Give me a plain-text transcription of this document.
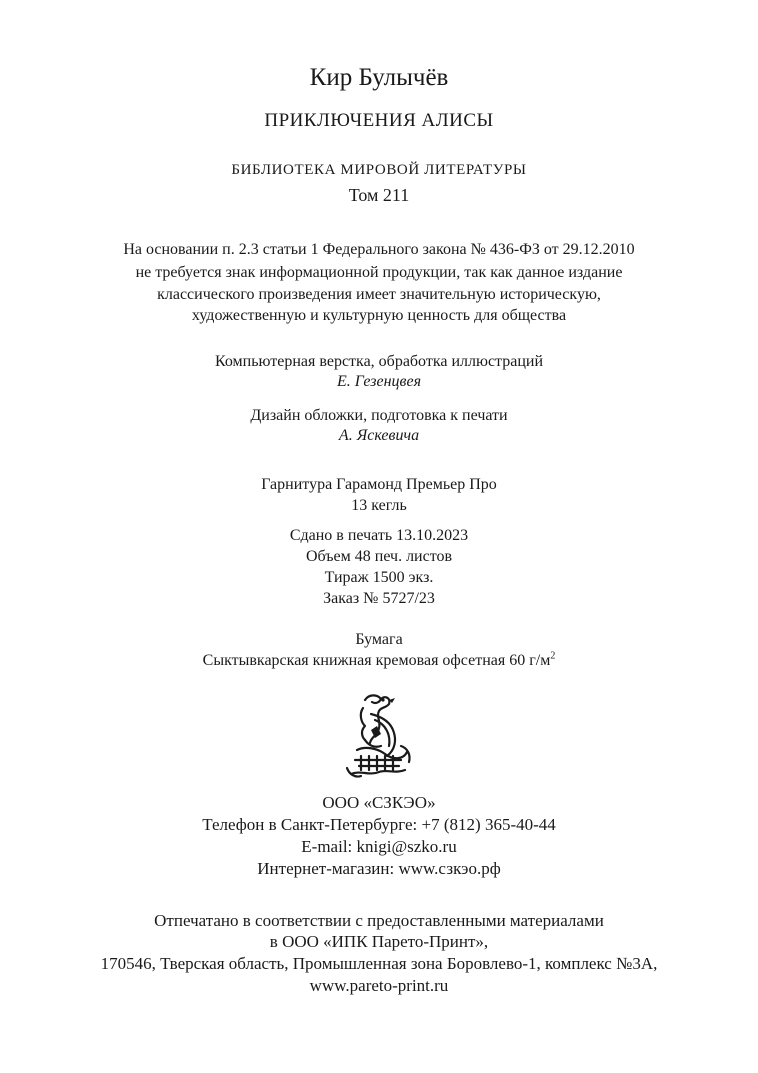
Кир Булычёв
ПРИКЛЮЧЕНИЯ АЛИСЫ
БИБЛИОТЕКА МИРОВОЙ ЛИТЕРАТУРЫ
Том 211
На основании п. 2.3 статьи 1 Федерального закона № 436-ФЗ от 29.12.2010
не требуется знак информационной продукции, так как данное издание
классического произведения имеет значительную историческую,
художественную и культурную ценность для общества
Компьютерная верстка, обработка иллюстраций
Е. Гезенцвея
Дизайн обложки, подготовка к печати
А. Яскевича
Гарнитура Гарамонд Премьер Про
13 кегль
Сдано в печать 13.10.2023
Объем 48 печ. листов
Тираж 1500 экз.
Заказ № 5727/23
Бумага
Сыктывкарская книжная кремовая офсетная 60 $г/м^2$
ООО «СЗКЭО»
Телефон в Санкт-Петербурге: +7 (812) 365-40-44
E-mail: knigi@szko.ru
Интернет-магазин: www.сзкэо.рф
Отпечатано в соответствии с предоставленными материалами
в ООО «ИПК Парето-Принт»,
170546, Тверская область, Промышленная зона Боровлево-1, комплекс №3А,
www.pareto-print.ru
